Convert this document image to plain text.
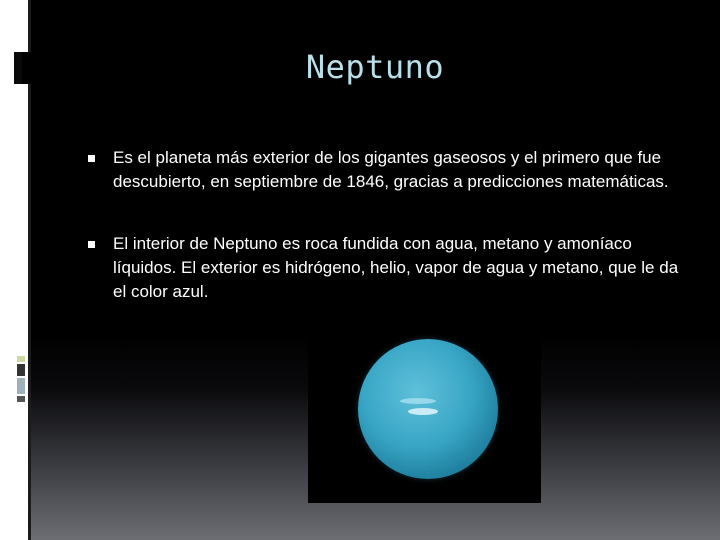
Neptuno
Es el planeta más exterior de los gigantes gaseosos y el primero que fue descubierto, en septiembre de 1846, gracias a predicciones matemáticas.
El interior de Neptuno es roca fundida con agua, metano y amoníaco líquidos. El exterior es hidrógeno, helio, vapor de agua y metano, que le da el color azul.
